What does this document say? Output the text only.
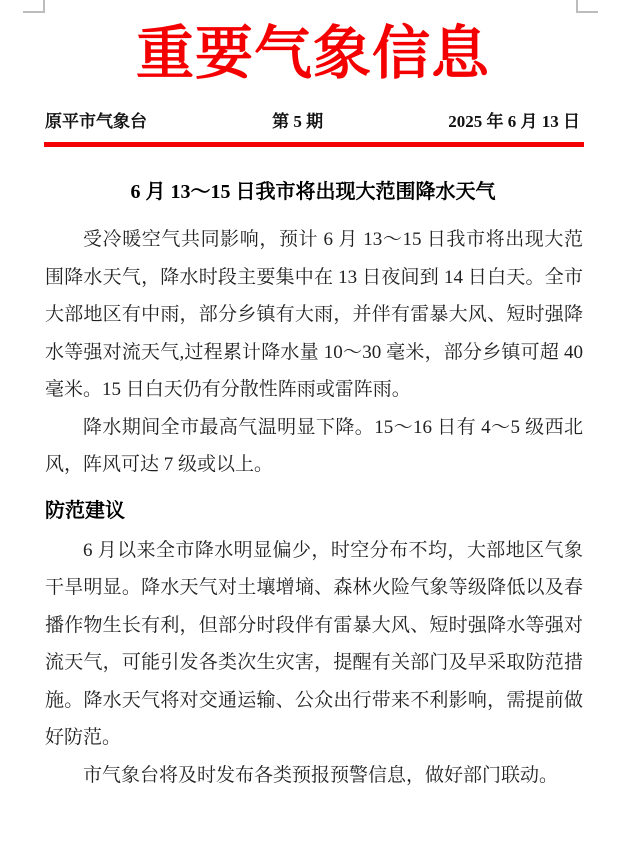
重要气象信息
原平市气象台	第 5 期	2025 年 6 月 13 日
6 月 13～15 日我市将出现大范围降水天气

受冷暖空气共同影响，预计 6 月 13～15 日我市将出现大范围降水天气，降水时段主要集中在 13 日夜间到 14 日白天。全市大部地区有中雨，部分乡镇有大雨，并伴有雷暴大风、短时强降水等强对流天气,过程累计降水量 10～30 毫米，部分乡镇可超 40 毫米。15 日白天仍有分散性阵雨或雷阵雨。

降水期间全市最高气温明显下降。15～16 日有 4～5 级西北风，阵风可达 7 级或以上。

防范建议

6 月以来全市降水明显偏少，时空分布不均，大部地区气象干旱明显。降水天气对土壤增墒、森林火险气象等级降低以及春播作物生长有利，但部分时段伴有雷暴大风、短时强降水等强对流天气，可能引发各类次生灾害，提醒有关部门及早采取防范措施。降水天气将对交通运输、公众出行带来不利影响，需提前做好防范。

市气象台将及时发布各类预报预警信息，做好部门联动。
